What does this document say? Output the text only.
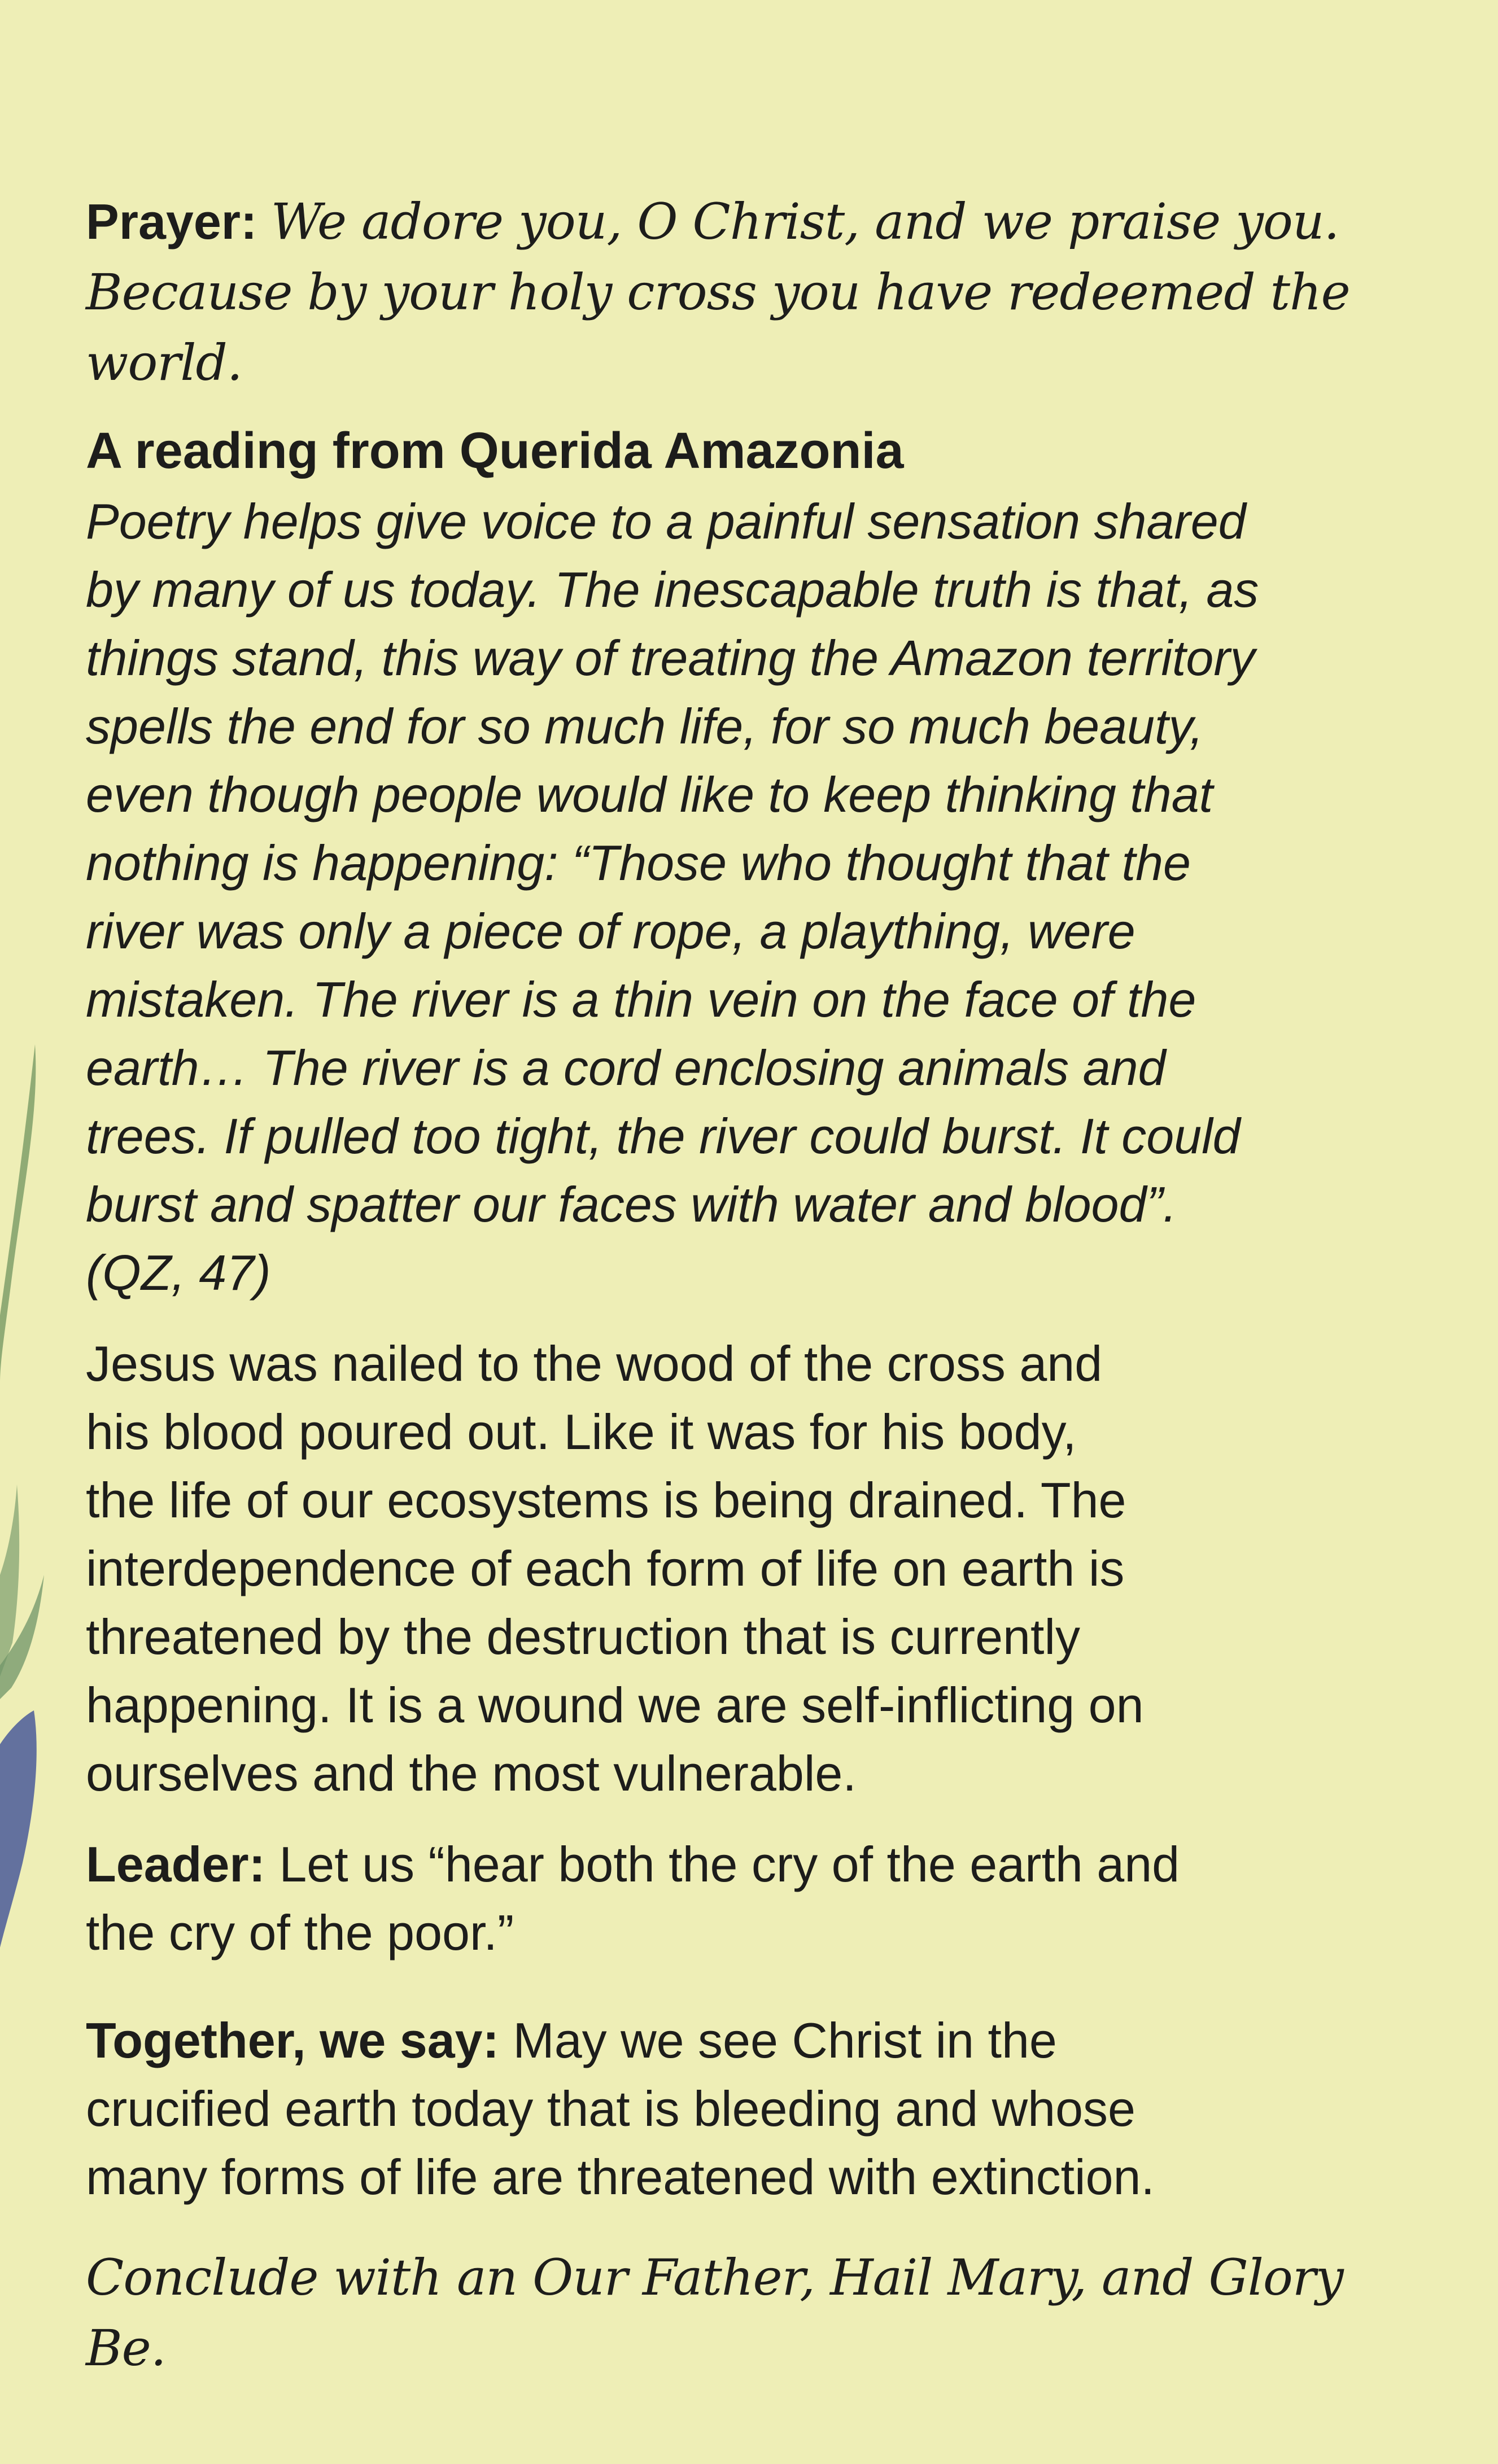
Prayer: We adore you, O Christ, and we praise you.
Because by your holy cross you have redeemed the world.
A reading from Querida Amazonia
Poetry helps give voice to a painful sensation shared
by many of us today. The inescapable truth is that, as
things stand, this way of treating the Amazon territory
spells the end for so much life, for so much beauty,
even though people would like to keep thinking that
nothing is happening: “Those who thought that the
river was only a piece of rope, a plaything, were
mistaken. The river is a thin vein on the face of the
earth… The river is a cord enclosing animals and
trees. If pulled too tight, the river could burst. It could
burst and spatter our faces with water and blood”.
(QZ, 47)
Jesus was nailed to the wood of the cross and
his blood poured out. Like it was for his body,
the life of our ecosystems is being drained. The
interdependence of each form of life on earth is
threatened by the destruction that is currently
happening. It is a wound we are self-inflicting on
ourselves and the most vulnerable.
Leader: Let us “hear both the cry of the earth and
the cry of the poor.”
Together, we say: May we see Christ in the
crucified earth today that is bleeding and whose
many forms of life are threatened with extinction.
Conclude with an Our Father, Hail Mary, and Glory Be.
